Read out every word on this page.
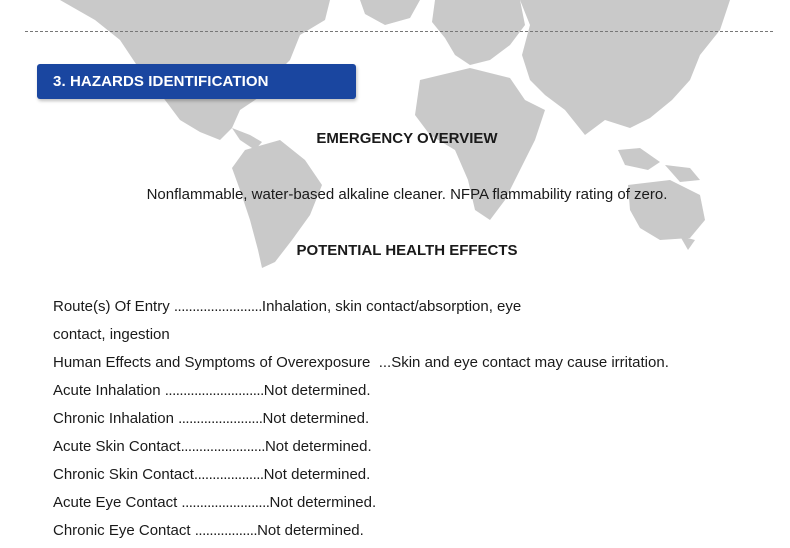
3. HAZARDS IDENTIFICATION
EMERGENCY OVERVIEW
Nonflammable, water-based alkaline cleaner. NFPA flammability rating of zero.
POTENTIAL HEALTH EFFECTS
Route(s) Of Entry ........................Inhalation, skin contact/absorption, eye
contact, ingestion
Human Effects and Symptoms of Overexposure  ...Skin and eye contact may cause irritation.
Acute Inhalation ...........................Not determined.
Chronic Inhalation .......................Not determined.
Acute Skin Contact.......................Not determined.
Chronic Skin Contact...................Not determined.
Acute Eye Contact ........................Not determined.
Chronic Eye Contact .................Not determined.
